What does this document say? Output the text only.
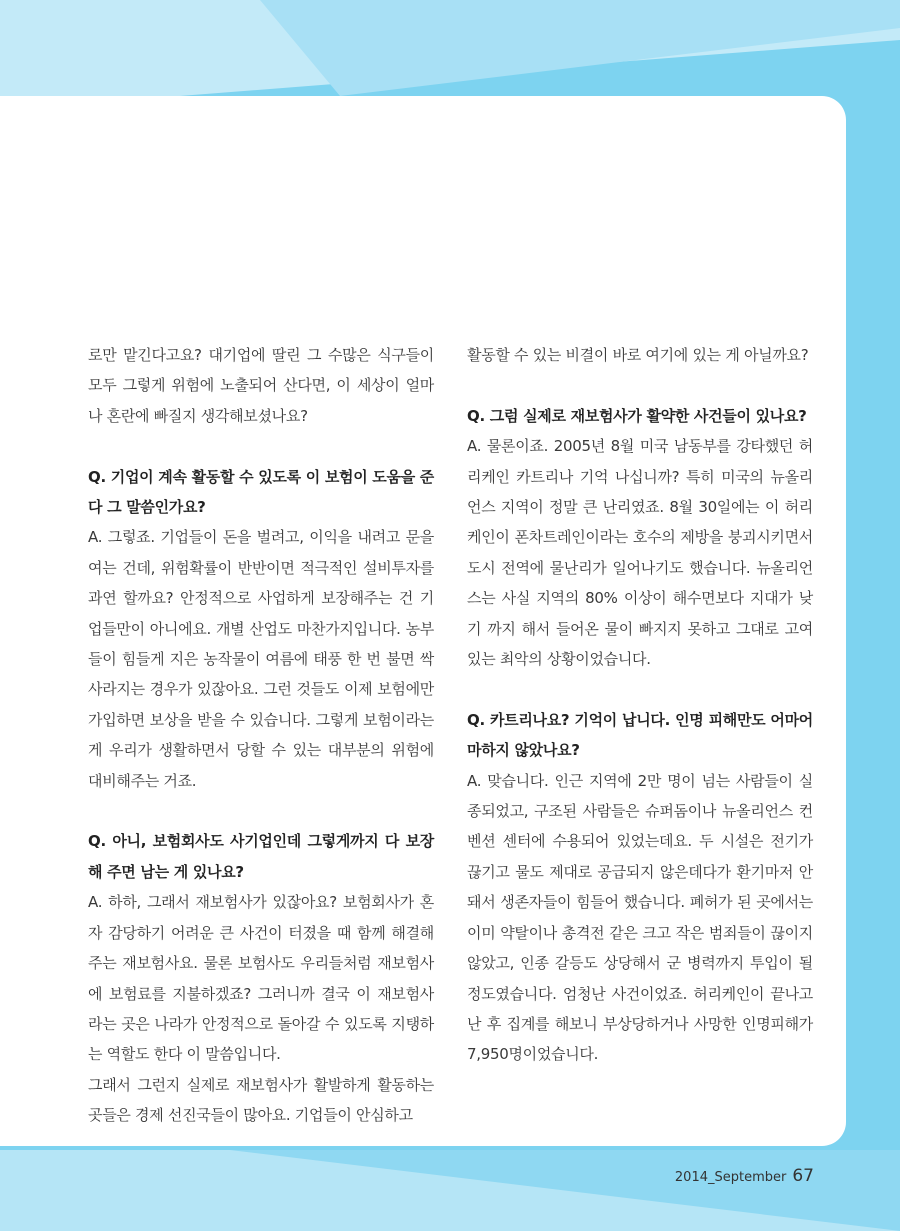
로만 맡긴다고요? 대기업에 딸린 그 수많은 식구들이 모두 그렇게 위험에 노출되어 산다면, 이 세상이 얼마나 혼란에 빠질지 생각해보셨나요?
Q. 기업이 계속 활동할 수 있도록 이 보험이 도움을 준다 그 말씀인가요?
A. 그렇죠. 기업들이 돈을 벌려고, 이익을 내려고 문을 여는 건데, 위험확률이 반반이면 적극적인 설비투자를 과연 할까요? 안정적으로 사업하게 보장해주는 건 기업들만이 아니에요. 개별 산업도 마찬가지입니다. 농부들이 힘들게 지은 농작물이 여름에 태풍 한 번 불면 싹 사라지는 경우가 있잖아요. 그런 것들도 이제 보험에만 가입하면 보상을 받을 수 있습니다. 그렇게 보험이라는 게 우리가 생활하면서 당할 수 있는 대부분의 위험에 대비해주는 거죠.
Q. 아니, 보험회사도 사기업인데 그렇게까지 다 보장해 주면 남는 게 있나요?
A. 하하, 그래서 재보험사가 있잖아요? 보험회사가 혼자 감당하기 어려운 큰 사건이 터졌을 때 함께 해결해주는 재보험사요. 물론 보험사도 우리들처럼 재보험사에 보험료를 지불하겠죠? 그러니까 결국 이 재보험사라는 곳은 나라가 안정적으로 돌아갈 수 있도록 지탱하는 역할도 한다 이 말씀입니다.
그래서 그런지 실제로 재보험사가 활발하게 활동하는 곳들은 경제 선진국들이 많아요. 기업들이 안심하고
활동할 수 있는 비결이 바로 여기에 있는 게 아닐까요?
Q. 그럼 실제로 재보험사가 활약한 사건들이 있나요?
A. 물론이죠. 2005년 8월 미국 남동부를 강타했던 허리케인 카트리나 기억 나십니까? 특히 미국의 뉴올리언스 지역이 정말 큰 난리였죠. 8월 30일에는 이 허리케인이 폰차트레인이라는 호수의 제방을 붕괴시키면서 도시 전역에 물난리가 일어나기도 했습니다. 뉴올리언스는 사실 지역의 80% 이상이 해수면보다 지대가 낮기 까지 해서 들어온 물이 빠지지 못하고 그대로 고여 있는 최악의 상황이었습니다.
Q. 카트리나요? 기억이 납니다. 인명 피해만도 어마어마하지 않았나요?
A. 맞습니다. 인근 지역에 2만 명이 넘는 사람들이 실종되었고, 구조된 사람들은 슈퍼돔이나 뉴올리언스 컨벤션 센터에 수용되어 있었는데요. 두 시설은 전기가 끊기고 물도 제대로 공급되지 않은데다가 환기마저 안 돼서 생존자들이 힘들어 했습니다. 폐허가 된 곳에서는 이미 약탈이나 총격전 같은 크고 작은 범죄들이 끊이지 않았고, 인종 갈등도 상당해서 군 병력까지 투입이 될 정도였습니다. 엄청난 사건이었죠. 허리케인이 끝나고 난 후 집계를 해보니 부상당하거나 사망한 인명피해가 7,950명이었습니다.
2014_September 67
